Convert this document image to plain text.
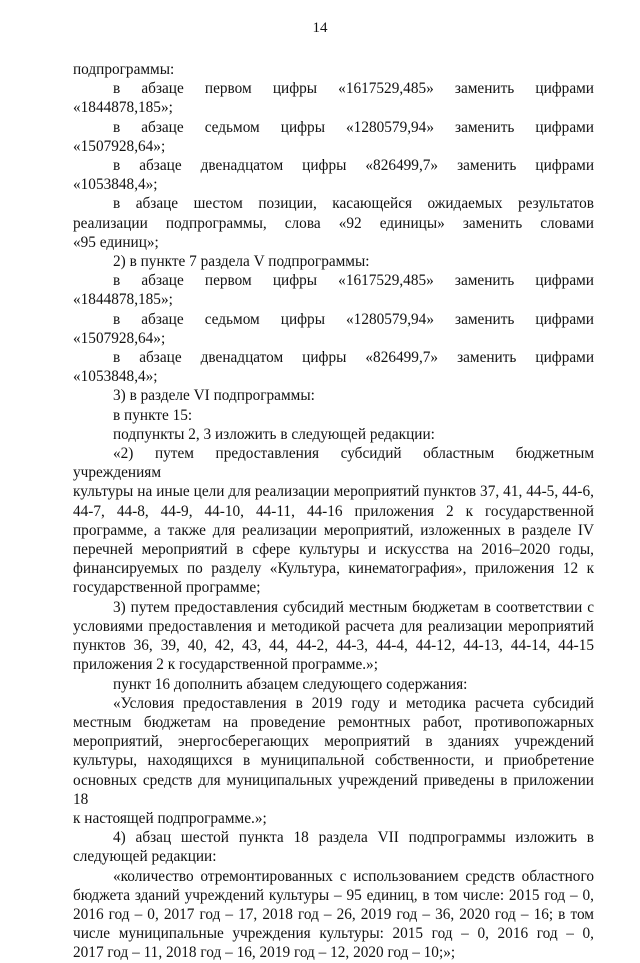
14
подпрограммы:
в абзаце первом цифры «1617529,485» заменить цифрами
«1844878,185»;
в абзаце седьмом цифры «1280579,94» заменить цифрами
«1507928,64»;
в абзаце двенадцатом цифры «826499,7» заменить цифрами
«1053848,4»;
в абзаце шестом позиции, касающейся ожидаемых результатов
реализации подпрограммы, слова «92 единицы» заменить словами
«95 единиц»;
2) в пункте 7 раздела V подпрограммы:
в абзаце первом цифры «1617529,485» заменить цифрами
«1844878,185»;
в абзаце седьмом цифры «1280579,94» заменить цифрами
«1507928,64»;
в абзаце двенадцатом цифры «826499,7» заменить цифрами
«1053848,4»;
3) в разделе VI подпрограммы:
в пункте 15:
подпункты 2, 3 изложить в следующей редакции:
«2) путем предоставления субсидий областным бюджетным учреждениям
культуры на иные цели для реализации мероприятий пунктов 37, 41, 44-5, 44-6,
44-7, 44-8, 44-9, 44-10, 44-11, 44-16 приложения 2 к государственной
программе, а также для реализации мероприятий, изложенных в разделе IV
перечней мероприятий в сфере культуры и искусства на 2016–2020 годы,
финансируемых по разделу «Культура, кинематография», приложения 12 к
государственной программе;
3) путем предоставления субсидий местным бюджетам в соответствии с
условиями предоставления и методикой расчета для реализации мероприятий
пунктов 36, 39, 40, 42, 43, 44, 44-2, 44-3, 44-4, 44-12, 44-13, 44-14, 44-15
приложения 2 к государственной программе.»;
пункт 16 дополнить абзацем следующего содержания:
«Условия предоставления в 2019 году и методика расчета субсидий
местным бюджетам на проведение ремонтных работ, противопожарных
мероприятий, энергосберегающих мероприятий в зданиях учреждений
культуры, находящихся в муниципальной собственности, и приобретение
основных средств для муниципальных учреждений приведены в приложении 18
к настоящей подпрограмме.»;
4) абзац шестой пункта 18 раздела VII подпрограммы изложить в
следующей редакции:
«количество отремонтированных с использованием средств областного
бюджета зданий учреждений культуры – 95 единиц, в том числе: 2015 год – 0,
2016 год – 0, 2017 год – 17, 2018 год – 26, 2019 год – 36, 2020 год – 16; в том
числе муниципальные учреждения культуры: 2015 год – 0, 2016 год – 0,
2017 год – 11, 2018 год – 16, 2019 год – 12, 2020 год – 10;»;
